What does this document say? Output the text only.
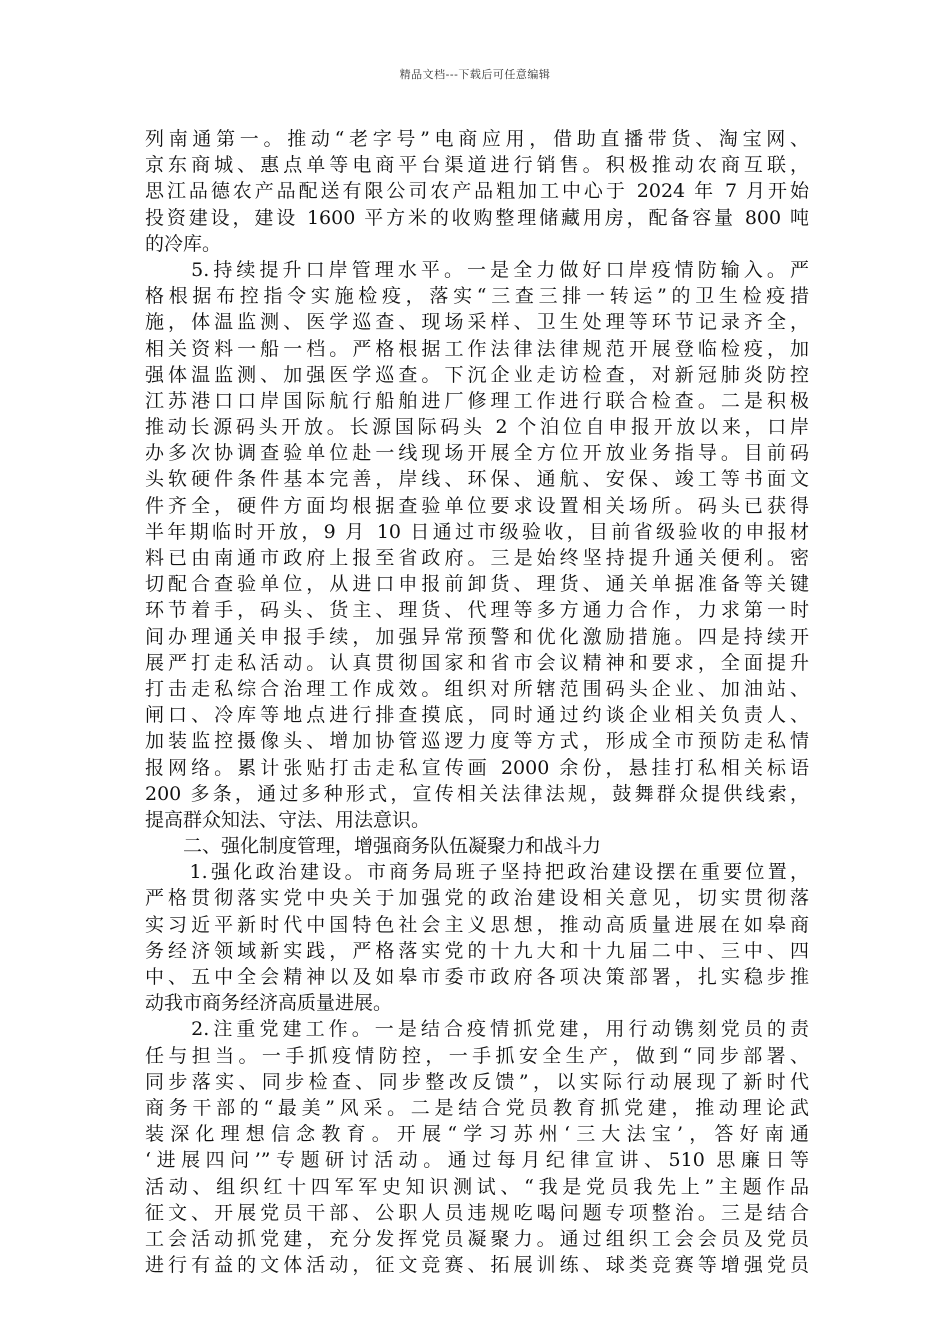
精品文档---下载后可任意编辑
列南通第一。推动“老字号”电商应用，借助直播带货、淘宝网、
京东商城、惠点单等电商平台渠道进行销售。积极推动农商互联，
思江品德农产品配送有限公司农产品粗加工中心于 2024 年 7 月开始
投资建设，建设 1600 平方米的收购整理储藏用房，配备容量 800 吨
的冷库。
　　5.持续提升口岸管理水平。一是全力做好口岸疫情防输入。严
格根据布控指令实施检疫，落实“三查三排一转运”的卫生检疫措
施，体温监测、医学巡查、现场采样、卫生处理等环节记录齐全，
相关资料一船一档。严格根据工作法律法律规范开展登临检疫，加
强体温监测、加强医学巡查。下沉企业走访检查，对新冠肺炎防控
江苏港口口岸国际航行船舶进厂修理工作进行联合检查。二是积极
推动长源码头开放。长源国际码头 2 个泊位自申报开放以来，口岸
办多次协调查验单位赴一线现场开展全方位开放业务指导。目前码
头软硬件条件基本完善，岸线、环保、通航、安保、竣工等书面文
件齐全，硬件方面均根据查验单位要求设置相关场所。码头已获得
半年期临时开放，9 月 10 日通过市级验收，目前省级验收的申报材
料已由南通市政府上报至省政府。三是始终坚持提升通关便利。密
切配合查验单位，从进口申报前卸货、理货、通关单据准备等关键
环节着手，码头、货主、理货、代理等多方通力合作，力求第一时
间办理通关申报手续，加强异常预警和优化激励措施。四是持续开
展严打走私活动。认真贯彻国家和省市会议精神和要求，全面提升
打击走私综合治理工作成效。组织对所辖范围码头企业、加油站、
闸口、冷库等地点进行排查摸底，同时通过约谈企业相关负责人、
加装监控摄像头、增加协管巡逻力度等方式，形成全市预防走私情
报网络。累计张贴打击走私宣传画 2000 余份，悬挂打私相关标语
200 多条，通过多种形式，宣传相关法律法规，鼓舞群众提供线索，
提高群众知法、守法、用法意识。
　　二、强化制度管理，增强商务队伍凝聚力和战斗力
　　1.强化政治建设。市商务局班子坚持把政治建设摆在重要位置，
严格贯彻落实党中央关于加强党的政治建设相关意见，切实贯彻落
实习近平新时代中国特色社会主义思想，推动高质量进展在如皋商
务经济领域新实践，严格落实党的十九大和十九届二中、三中、四
中、五中全会精神以及如皋市委市政府各项决策部署，扎实稳步推
动我市商务经济高质量进展。
　　2.注重党建工作。一是结合疫情抓党建，用行动镌刻党员的责
任与担当。一手抓疫情防控，一手抓安全生产，做到“同步部署、
同步落实、同步检查、同步整改反馈”，以实际行动展现了新时代
商务干部的“最美”风采。二是结合党员教育抓党建，推动理论武
装深化理想信念教育。开展“学习苏州‘三大法宝’，答好南通
‘进展四问’”专题研讨活动。通过每月纪律宣讲、510 思廉日等
活动、组织红十四军军史知识测试、“我是党员我先上”主题作品
征文、开展党员干部、公职人员违规吃喝问题专项整治。三是结合
工会活动抓党建，充分发挥党员凝聚力。通过组织工会会员及党员
进行有益的文体活动，征文竞赛、拓展训练、球类竞赛等增强党员
